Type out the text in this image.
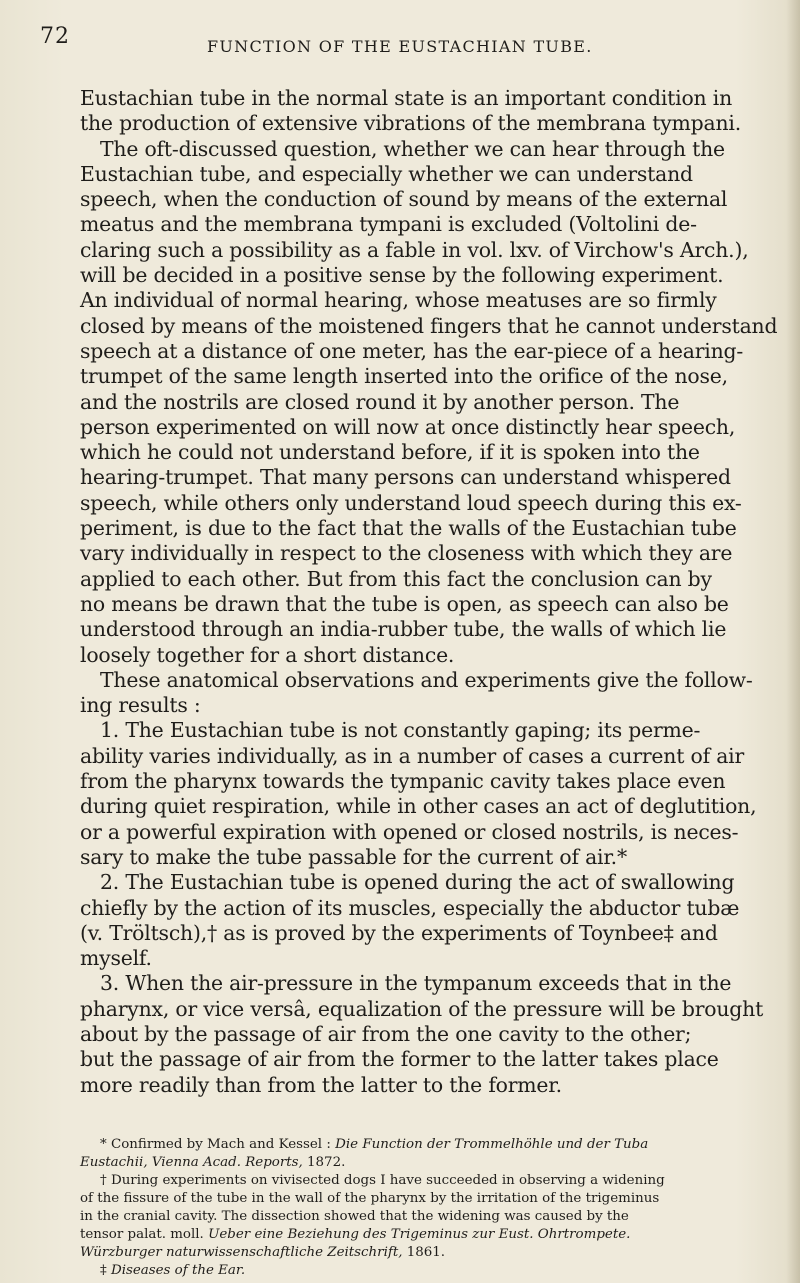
72	FUNCTION OF THE EUSTACHIAN TUBE.
Eustachian tube in the normal state is an important condition in
the production of extensive vibrations of the membrana tympani.
The oft-discussed question, whether we can hear through the
Eustachian tube, and especially whether we can understand
speech, when the conduction of sound by means of the external
meatus and the membrana tympani is excluded (Voltolini de-
claring such a possibility as a fable in vol. lxv. of Virchow's Arch.),
will be decided in a positive sense by the following experiment.
An individual of normal hearing, whose meatuses are so firmly
closed by means of the moistened fingers that he cannot understand
speech at a distance of one meter, has the ear-piece of a hearing-
trumpet of the same length inserted into the orifice of the nose,
and the nostrils are closed round it by another person. The
person experimented on will now at once distinctly hear speech,
which he could not understand before, if it is spoken into the
hearing-trumpet. That many persons can understand whispered
speech, while others only understand loud speech during this ex-
periment, is due to the fact that the walls of the Eustachian tube
vary individually in respect to the closeness with which they are
applied to each other. But from this fact the conclusion can by
no means be drawn that the tube is open, as speech can also be
understood through an india-rubber tube, the walls of which lie
loosely together for a short distance.
These anatomical observations and experiments give the follow-
ing results :
1. The Eustachian tube is not constantly gaping; its perme-
ability varies individually, as in a number of cases a current of air
from the pharynx towards the tympanic cavity takes place even
during quiet respiration, while in other cases an act of deglutition,
or a powerful expiration with opened or closed nostrils, is neces-
sary to make the tube passable for the current of air.*
2. The Eustachian tube is opened during the act of swallowing
chiefly by the action of its muscles, especially the abductor tubæ
(v. Tröltsch),† as is proved by the experiments of Toynbee‡ and
myself.
3. When the air-pressure in the tympanum exceeds that in the
pharynx, or vice versâ, equalization of the pressure will be brought
about by the passage of air from the one cavity to the other;
but the passage of air from the former to the latter takes place
more readily than from the latter to the former.
* Confirmed by Mach and Kessel : Die Function der Trommelhöhle und der Tuba
Eustachii, Vienna Acad. Reports, 1872.
† During experiments on vivisected dogs I have succeeded in observing a widening
of the fissure of the tube in the wall of the pharynx by the irritation of the trigeminus
in the cranial cavity. The dissection showed that the widening was caused by the
tensor palat. moll. Ueber eine Beziehung des Trigeminus zur Eust. Ohrtrompete.
Würzburger naturwissenschaftliche Zeitschrift, 1861.
‡ Diseases of the Ear.
